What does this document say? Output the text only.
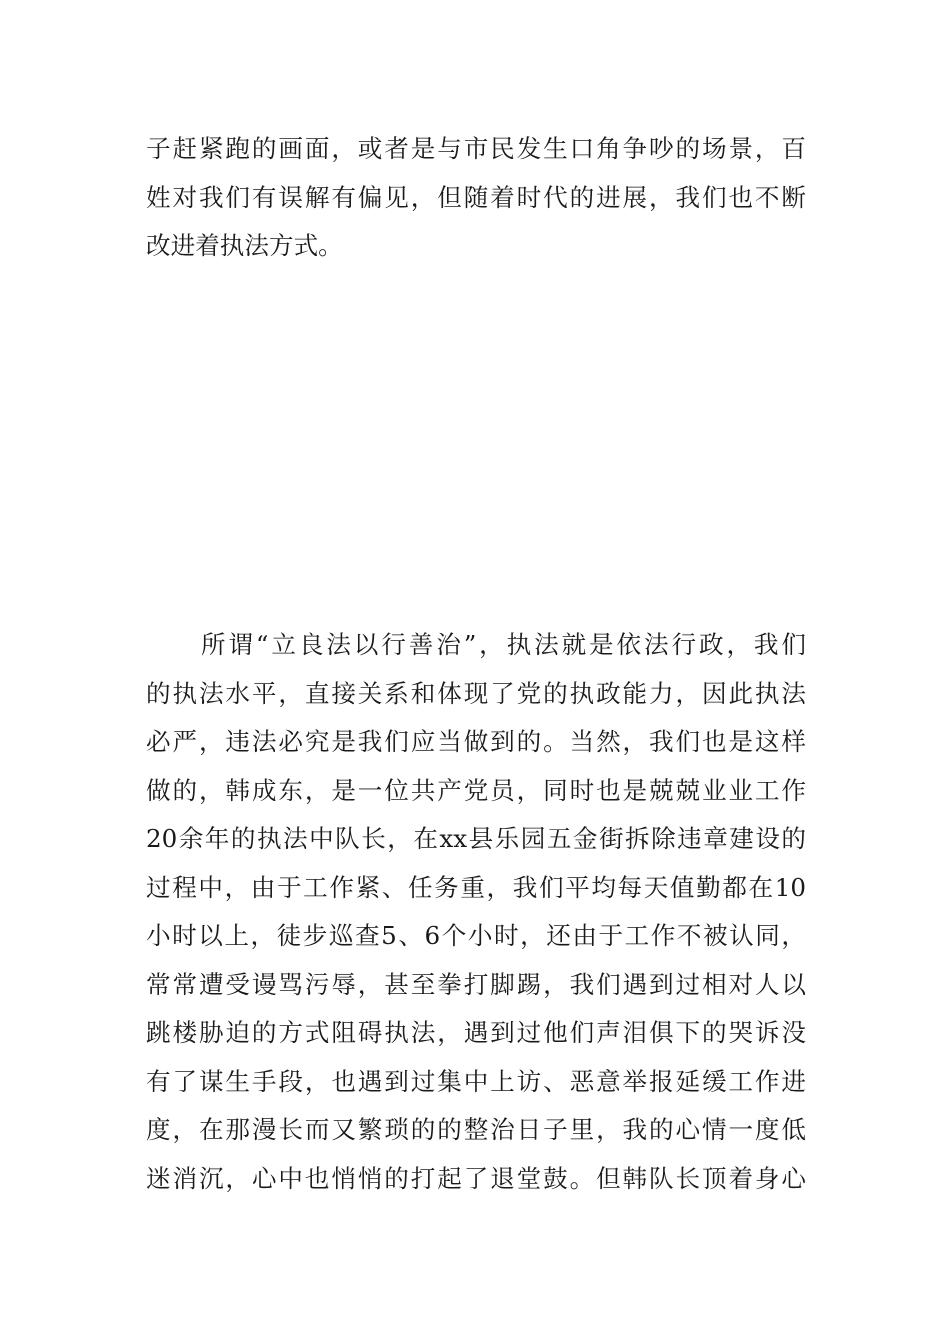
子赶紧跑的画面，或者是与市民发生口角争吵的场景，百
姓对我们有误解有偏见，但随着时代的进展，我们也不断
改进着执法方式。

　　所谓“立良法以行善治”，执法就是依法行政，我们
的执法水平，直接关系和体现了党的执政能力，因此执法
必严，违法必究是我们应当做到的。当然，我们也是这样
做的，韩成东，是一位共产党员，同时也是兢兢业业工作
20余年的执法中队长，在xx县乐园五金街拆除违章建设的
过程中，由于工作紧、任务重，我们平均每天值勤都在10
小时以上，徒步巡查5、6个小时，还由于工作不被认同，
常常遭受谩骂污辱，甚至拳打脚踢，我们遇到过相对人以
跳楼胁迫的方式阻碍执法，遇到过他们声泪俱下的哭诉没
有了谋生手段，也遇到过集中上访、恶意举报延缓工作进
度，在那漫长而又繁琐的的整治日子里，我的心情一度低
迷消沉，心中也悄悄的打起了退堂鼓。但韩队长顶着身心
